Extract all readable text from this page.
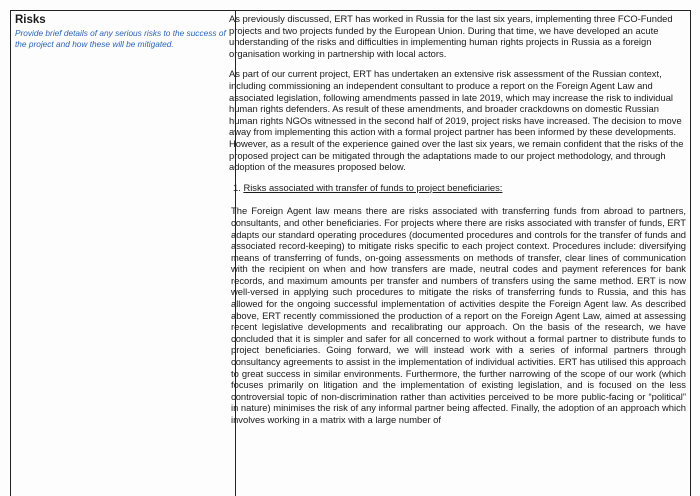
Risks

Provide brief details of any serious risks to the success of the project and how these will be mitigated.

As previously discussed, ERT has worked in Russia for the last six years, implementing three FCO-Funded projects and two projects funded by the European Union. During that time, we have developed an acute understanding of the risks and difficulties in implementing human rights projects in Russia as a foreign organisation working in partnership with local actors.

As part of our current project, ERT has undertaken an extensive risk assessment of the Russian context, including commissioning an independent consultant to produce a report on the Foreign Agent Law and associated legislation, following amendments passed in late 2019, which may increase the risk to individual human rights defenders. As result of these amendments, and broader crackdowns on domestic Russian human rights NGOs witnessed in the second half of 2019, project risks have increased. The decision to move away from implementing this action with a formal project partner has been informed by these developments. However, as a result of the experience gained over the last six years, we remain confident that the risks of the proposed project can be mitigated through the adaptations made to our project methodology, and through adoption of the measures proposed below.

1. Risks associated with transfer of funds to project beneficiaries:

The Foreign Agent law means there are risks associated with transferring funds from abroad to partners, consultants, and other beneficiaries. For projects where there are risks associated with transfer of funds, ERT adapts our standard operating procedures (documented procedures and controls for the transfer of funds and associated record-keeping) to mitigate risks specific to each project context. Procedures include: diversifying means of transferring of funds, on-going assessments on methods of transfer, clear lines of communication with the recipient on when and how transfers are made, neutral codes and payment references for bank records, and maximum amounts per transfer and numbers of transfers using the same method. ERT is now well-versed in applying such procedures to mitigate the risks of transferring funds to Russia, and this has allowed for the ongoing successful implementation of activities despite the Foreign Agent law. As described above, ERT recently commissioned the production of a report on the Foreign Agent Law, aimed at assessing recent legislative developments and recalibrating our approach. On the basis of the research, we have concluded that it is simpler and safer for all concerned to work without a formal partner to distribute funds to project beneficiaries. Going forward, we will instead work with a series of informal partners through consultancy agreements to assist in the implementation of individual activities. ERT has utilised this approach to great success in similar environments. Furthermore, the further narrowing of the scope of our work (which focuses primarily on litigation and the implementation of existing legislation, and is focused on the less controversial topic of non-discrimination rather than activities perceived to be more public-facing or “political” in nature) minimises the risk of any informal partner being affected. Finally, the adoption of an approach which involves working in a matrix with a large number of
